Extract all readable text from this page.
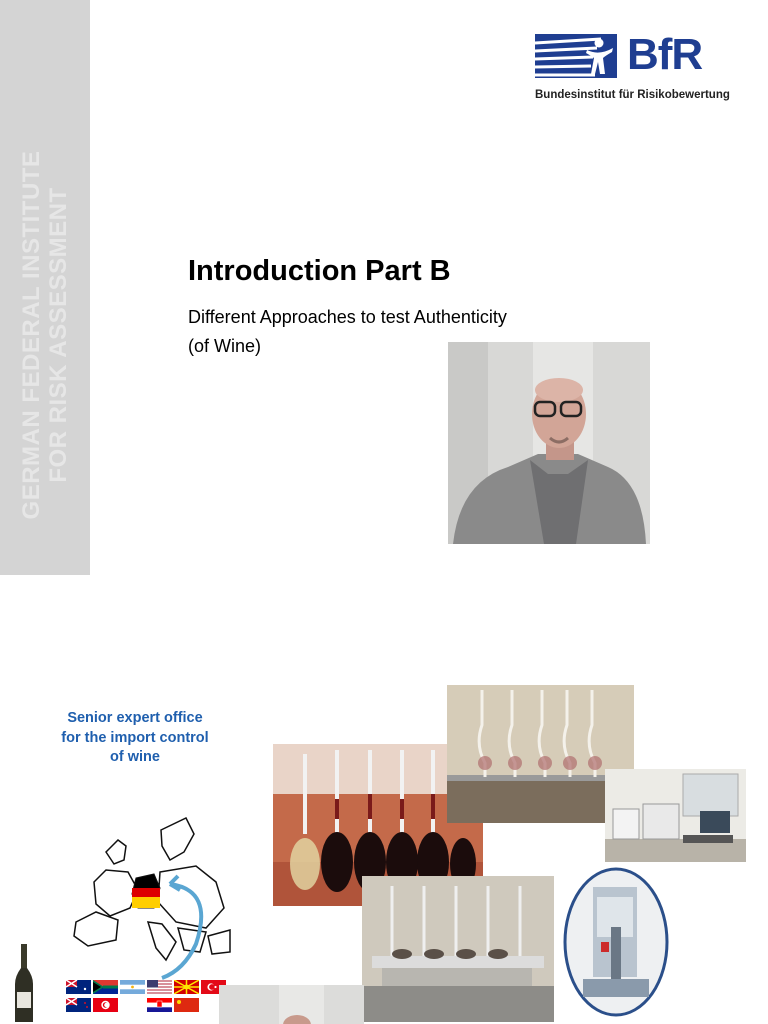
GERMAN FEDERAL INSTITUTE FOR RISK ASSESSMENT
BfR
Bundesinstitut für Risikobewertung
Introduction Part B
Different Approaches to test Authenticity
(of Wine)
Senior expert office
for the import control
of wine
